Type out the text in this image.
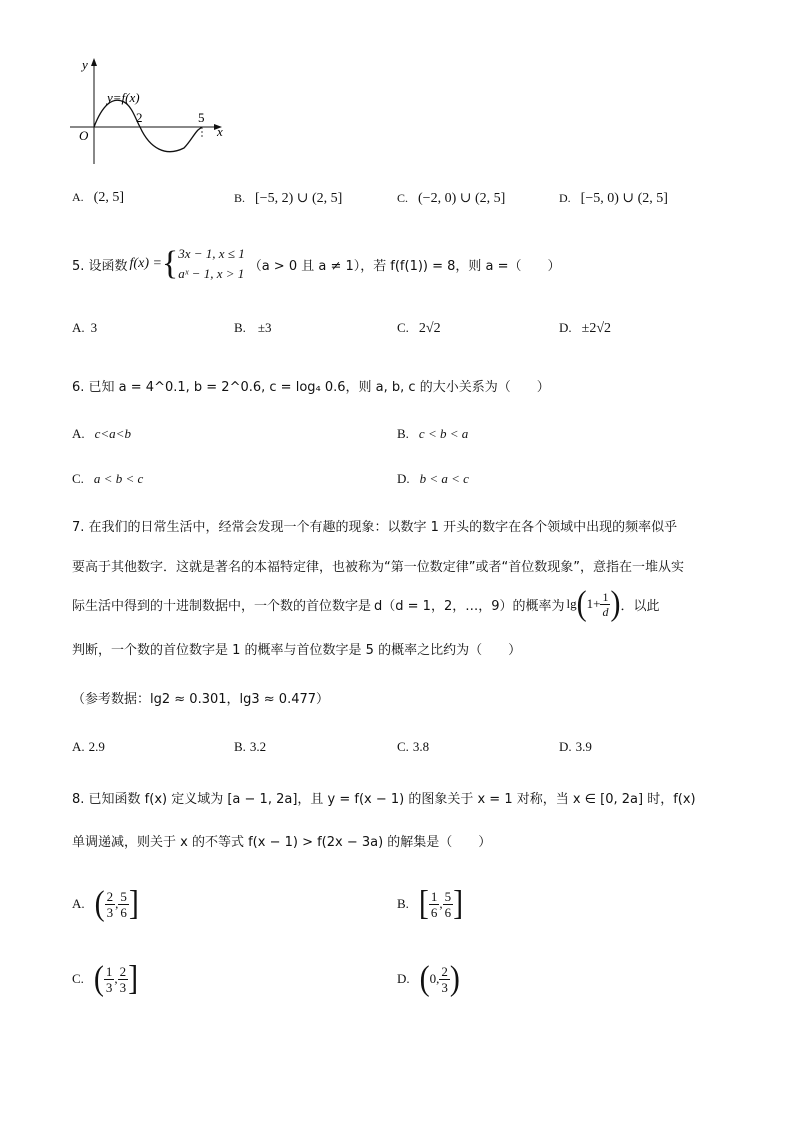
y
x
O
y=f(x)
2	5
A. (2, 5]	B. [−5, 2) ∪ (2, 5]	C. (−2, 0) ∪ (2, 5]	D. [−5, 0) ∪ (2, 5]
5. 设函数 f(x) = { 3x − 1, x ≤ 1
aˣ − 1, x > 1 （a > 0 且 a ≠ 1），若 f(f(1)) = 8，则 a =（　　）
A. 3	B. ±3	C. 2√2	D. ±2√2
6. 已知 a = 4^0.1, b = 2^0.6, c = log₄ 0.6，则 a, b, c 的大小关系为（　　）
A. c<a<b	B. c < b < a
C. a < b < c	D. b < a < c
7. 在我们的日常生活中，经常会发现一个有趣的现象：以数字 1 开头的数字在各个领域中出现的频率似乎
要高于其他数字．这就是著名的本福特定律，也被称为“第一位数定律”或者“首位数现象”，意指在一堆从实
际生活中得到的十进制数据中，一个数的首位数字是 d（d = 1，2，…，9）的概率为 lg ( $1+ \frac{1}{d}$ ) ．以此
判断，一个数的首位数字是 1 的概率与首位数字是 5 的概率之比约为（　　）
（参考数据：lg2 ≈ 0.301，lg3 ≈ 0.477）
A. 2.9	B. 3.2	C. 3.8	D. 3.9
8. 已知函数 f(x) 定义域为 [a − 1, 2a]，且 y = f(x − 1) 的图象关于 x = 1 对称，当 x ∈ [0, 2a] 时，f(x)
单调递减，则关于 x 的不等式 f(x − 1) > f(2x − 3a) 的解集是（　　）
A. ( $\frac{2}{3}$ , $\frac{5}{6}$ ]	B. [ $\frac{1}{6}$ , $\frac{5}{6}$ ]
C. ( $\frac{1}{3}$ , $\frac{2}{3}$ ]	D. ( 0 , $\frac{2}{3}$ )
